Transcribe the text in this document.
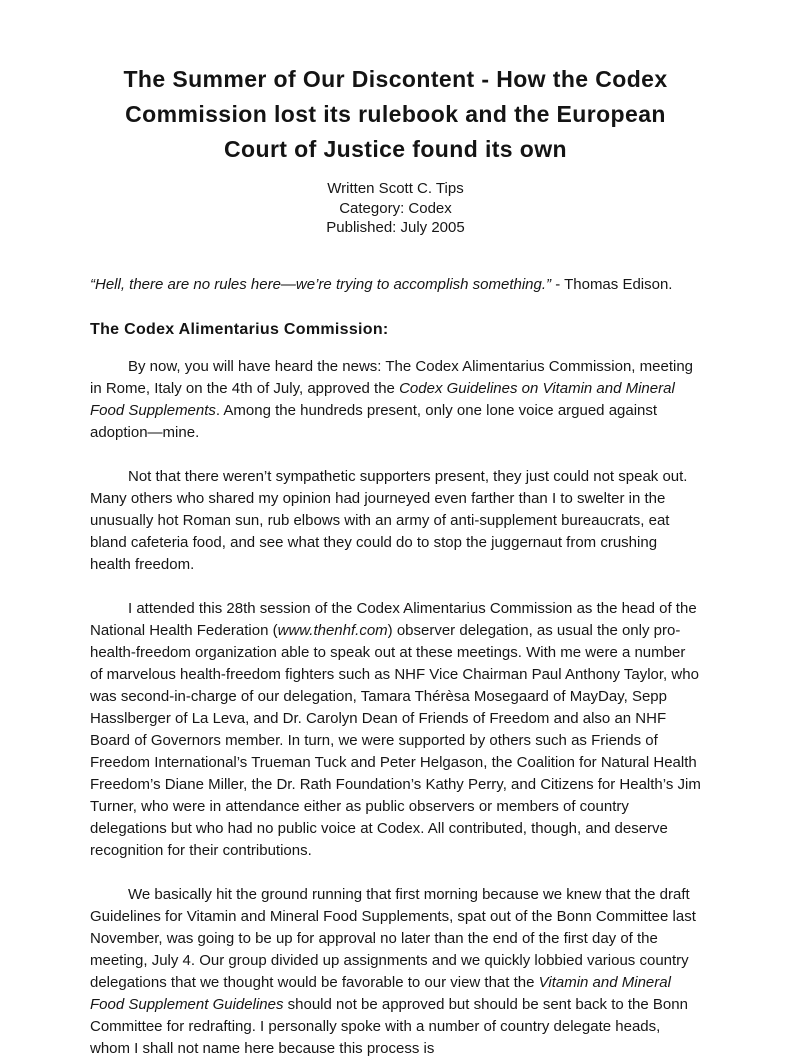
The Summer of Our Discontent - How the Codex
Commission lost its rulebook and the European
Court of Justice found its own
Written Scott C. Tips
Category: Codex
Published: July 2005

“Hell, there are no rules here—we’re trying to accomplish something.” - Thomas Edison.

The Codex Alimentarius Commission:

By now, you will have heard the news: The Codex Alimentarius Commission, meeting in Rome, Italy on the 4th of July, approved the Codex Guidelines on Vitamin and Mineral Food Supplements. Among the hundreds present, only one lone voice argued against adoption—mine.

Not that there weren’t sympathetic supporters present, they just could not speak out. Many others who shared my opinion had journeyed even farther than I to swelter in the unusually hot Roman sun, rub elbows with an army of anti-supplement bureaucrats, eat bland cafeteria food, and see what they could do to stop the juggernaut from crushing health freedom.

I attended this 28th session of the Codex Alimentarius Commission as the head of the National Health Federation (www.thenhf.com) observer delegation, as usual the only pro-health-freedom organization able to speak out at these meetings. With me were a number of marvelous health-freedom fighters such as NHF Vice Chairman Paul Anthony Taylor, who was second-in-charge of our delegation, Tamara Thérèsa Mosegaard of MayDay, Sepp Hasslberger of La Leva, and Dr. Carolyn Dean of Friends of Freedom and also an NHF Board of Governors member. In turn, we were supported by others such as Friends of Freedom International’s Trueman Tuck and Peter Helgason, the Coalition for Natural Health Freedom’s Diane Miller, the Dr. Rath Foundation’s Kathy Perry, and Citizens for Health’s Jim Turner, who were in attendance either as public observers or members of country delegations but who had no public voice at Codex. All contributed, though, and deserve recognition for their contributions.

We basically hit the ground running that first morning because we knew that the draft Guidelines for Vitamin and Mineral Food Supplements, spat out of the Bonn Committee last November, was going to be up for approval no later than the end of the first day of the meeting, July 4. Our group divided up assignments and we quickly lobbied various country delegations that we thought would be favorable to our view that the Vitamin and Mineral Food Supplement Guidelines should not be approved but should be sent back to the Bonn Committee for redrafting. I personally spoke with a number of country delegate heads, whom I shall not name here because this process is
